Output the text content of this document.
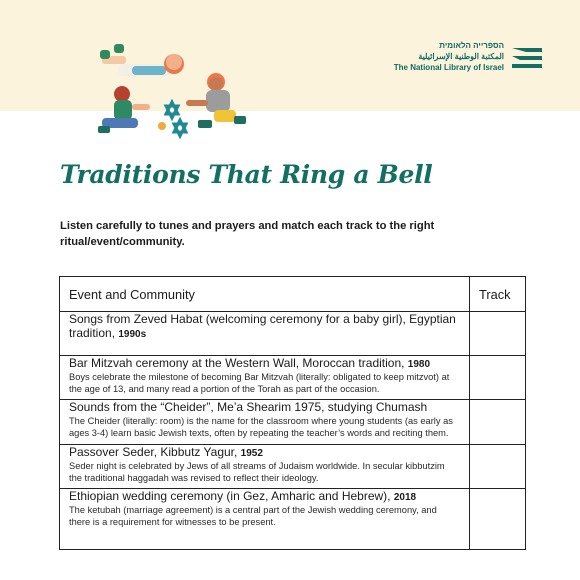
הספרייה הלאומית
المكتبة الوطنية الإسرائيلية
The National Library of Israel
Traditions That Ring a Bell

Listen carefully to tunes and prayers and match each track to the right ritual/event/community.

Event and Community	Track

Songs from Zeved Habat (welcoming ceremony for a baby girl), Egyptian tradition, 1990s	

Bar Mitzvah ceremony at the Western Wall, Moroccan tradition, 1980
Boys celebrate the milestone of becoming Bar Mitzvah (literally: obligated to keep mitzvot) at the age of 13, and many read a portion of the Torah as part of the occasion.	

Sounds from the “Cheider”, Me’a Shearim 1975, studying Chumash
The Cheider (literally: room) is the name for the classroom where young students (as early as ages 3-4) learn basic Jewish texts, often by repeating the teacher’s words and reciting them.	

Passover Seder, Kibbutz Yagur, 1952
Seder night is celebrated by Jews of all streams of Judaism worldwide. In secular kibbutzim the traditional haggadah was revised to reflect their ideology.	

Ethiopian wedding ceremony (in Gez, Amharic and Hebrew), 2018
The ketubah (marriage agreement) is a central part of the Jewish wedding ceremony, and there is a requirement for witnesses to be present.	
